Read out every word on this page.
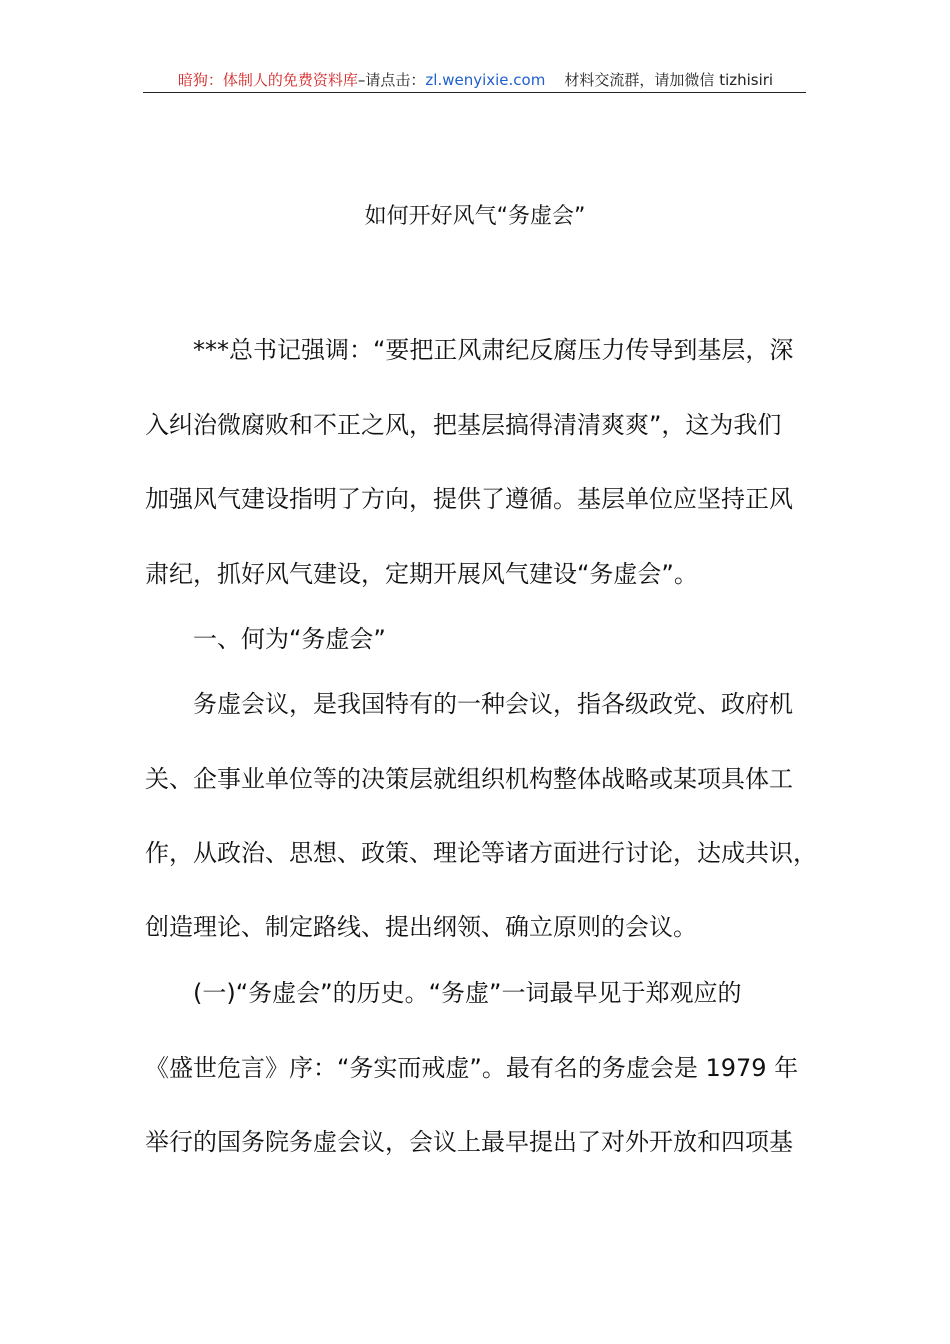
暗狗：体制人的免费资料库–请点击：zl.wenyixie.com 材料交流群，请加微信 tizhisiri
如何开好风气“务虚会”
***总书记强调：“要把正风肃纪反腐压力传导到基层，深
入纠治微腐败和不正之风，把基层搞得清清爽爽”，这为我们
加强风气建设指明了方向，提供了遵循。基层单位应坚持正风
肃纪，抓好风气建设，定期开展风气建设“务虚会”。
一、何为“务虚会”
务虚会议，是我国特有的一种会议，指各级政党、政府机
关、企事业单位等的决策层就组织机构整体战略或某项具体工
作，从政治、思想、政策、理论等诸方面进行讨论，达成共识，
创造理论、制定路线、提出纲领、确立原则的会议。
(一)“务虚会”的历史。“务虚”一词最早见于郑观应的
《盛世危言》序：“务实而戒虚”。最有名的务虚会是 1979 年
举行的国务院务虚会议，会议上最早提出了对外开放和四项基
